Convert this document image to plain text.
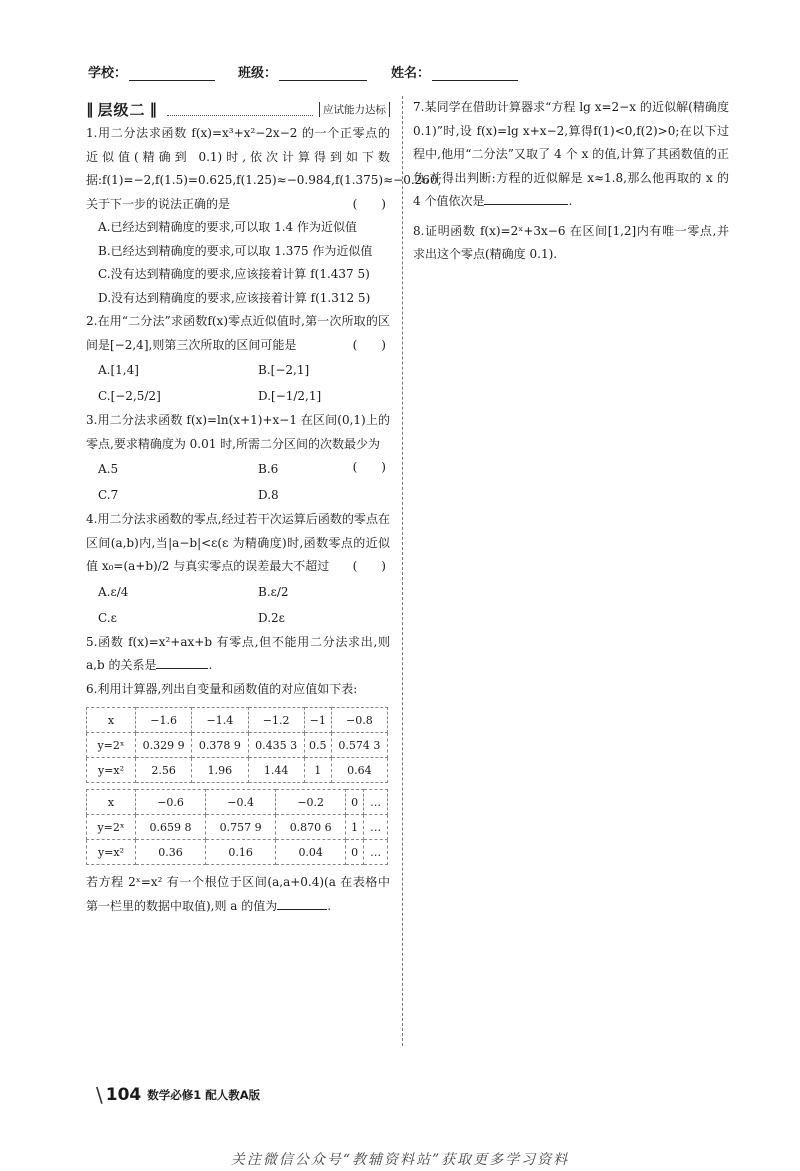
学校：	班级：	姓名：
‖ 层级二 ‖	应试能力达标

1.用二分法求函数 f(x)=x³+x²−2x−2 的一个正零点的近似值(精确到 0.1)时,依次计算得到如下数据:f(1)=−2,f(1.5)=0.625,f(1.25)≈−0.984,f(1.375)≈−0.260,关于下一步的说法正确的是	(　　)

A.已经达到精确度的要求,可以取 1.4 作为近似值
B.已经达到精确度的要求,可以取 1.375 作为近似值
C.没有达到精确度的要求,应该接着计算 f(1.437 5)
D.没有达到精确度的要求,应该接着计算 f(1.312 5)

2.在用“二分法”求函数f(x)零点近似值时,第一次所取的区间是[−2,4],则第三次所取的区间可能是	(　　)

A.[1,4]	B.[−2,1]
C.[−2,5/2]	D.[−1/2,1]

3.用二分法求函数 f(x)=ln(x+1)+x−1 在区间(0,1)上的零点,要求精确度为 0.01 时,所需二分区间的次数最少为
(　　)

A.5	B.6
C.7	D.8

4.用二分法求函数的零点,经过若干次运算后函数的零点在区间(a,b)内,当|a−b|<ε(ε 为精确度)时,函数零点的近似值 x₀=(a+b)/2 与真实零点的误差最大不超过 (　　)

A.ε/4	B.ε/2
C.ε	D.2ε

5.函数 f(x)=x²+ax+b 有零点,但不能用二分法求出,则 a,b 的关系是	.

6.利用计算器,列出自变量和函数值的对应值如下表:

x	−1.6	−1.4	−1.2	−1	−0.8
y=2ˣ	0.329 9	0.378 9	0.435 3	0.5	0.574 3
y=x²	2.56	1.96	1.44	1	0.64
x	−0.6	−0.4	−0.2	0	…
y=2ˣ	0.659 8	0.757 9	0.870 6	1	…
y=x²	0.36	0.16	0.04	0	…

若方程 2ˣ=x² 有一个根位于区间(a,a+0.4)(a 在表格中第一栏里的数据中取值),则 a 的值为	.

7.某同学在借助计算器求“方程 lg x=2−x 的近似解(精确度 0.1)”时,设 f(x)=lg x+x−2,算得f(1)<0,f(2)>0;在以下过程中,他用“二分法”又取了 4 个 x 的值,计算了其函数值的正负,并得出判断:方程的近似解是 x≈1.8,那么他再取的 x 的 4 个值依次是	.

8.证明函数 f(x)=2ˣ+3x−6 在区间[1,2]内有唯一零点,并求出这个零点(精确度 0.1).

\ 104 数学必修1 配人教A版
关注微信公众号“教辅资料站”获取更多学习资料
